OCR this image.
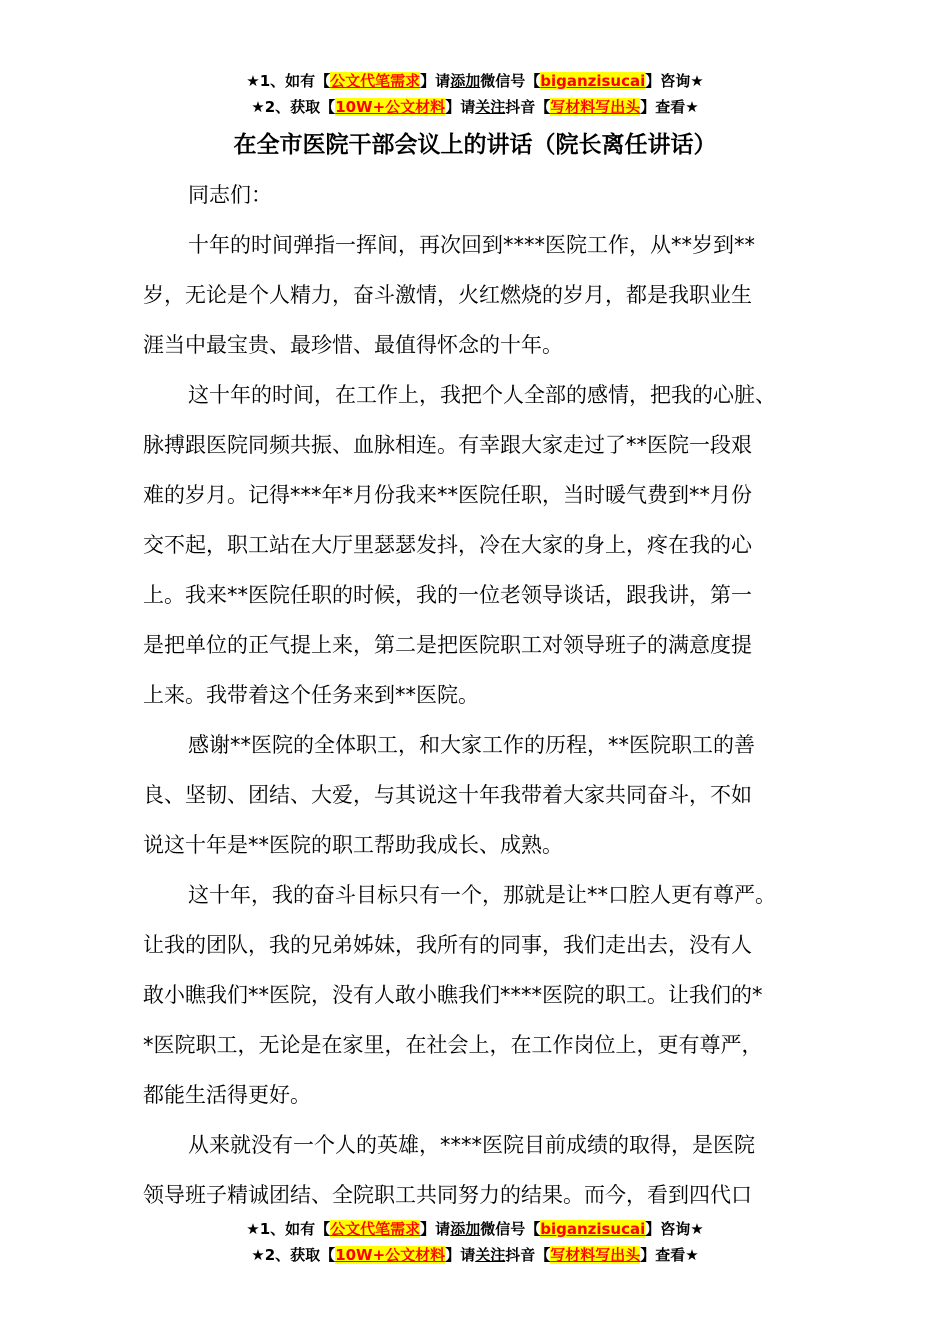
★1、如有【公文代笔需求】请添加微信号【biganzisucai】咨询★
★2、获取【10W+公文材料】请关注抖音【写材料写出头】查看★
在全市医院干部会议上的讲话（院长离任讲话）
同志们：
十年的时间弹指一挥间，再次回到****医院工作，从**岁到**
岁，无论是个人精力，奋斗激情，火红燃烧的岁月，都是我职业生
涯当中最宝贵、最珍惜、最值得怀念的十年。
这十年的时间，在工作上，我把个人全部的感情，把我的心脏、
脉搏跟医院同频共振、血脉相连。有幸跟大家走过了**医院一段艰
难的岁月。记得***年*月份我来**医院任职，当时暖气费到**月份
交不起，职工站在大厅里瑟瑟发抖，冷在大家的身上，疼在我的心
上。我来**医院任职的时候，我的一位老领导谈话，跟我讲，第一
是把单位的正气提上来，第二是把医院职工对领导班子的满意度提
上来。我带着这个任务来到**医院。
感谢**医院的全体职工，和大家工作的历程，**医院职工的善
良、坚韧、团结、大爱，与其说这十年我带着大家共同奋斗，不如
说这十年是**医院的职工帮助我成长、成熟。
这十年，我的奋斗目标只有一个，那就是让**口腔人更有尊严。
让我的团队，我的兄弟姊妹，我所有的同事，我们走出去，没有人
敢小瞧我们**医院，没有人敢小瞧我们****医院的职工。让我们的*
*医院职工，无论是在家里，在社会上，在工作岗位上，更有尊严，
都能生活得更好。
从来就没有一个人的英雄，****医院目前成绩的取得，是医院
领导班子精诚团结、全院职工共同努力的结果。而今，看到四代口
★1、如有【公文代笔需求】请添加微信号【biganzisucai】咨询★
★2、获取【10W+公文材料】请关注抖音【写材料写出头】查看★
